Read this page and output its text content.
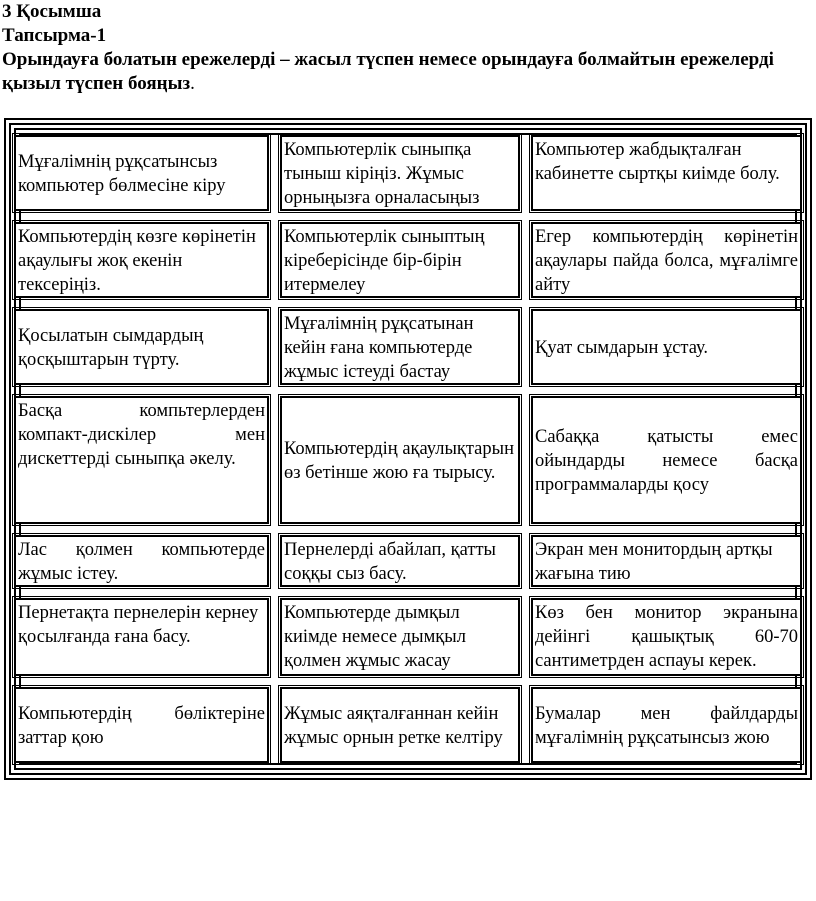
3 Қосымша
Тапсырма-1
Орындауға болатын ережелерді – жасыл түспен немесе орындауға болмайтын ережелерді қызыл түспен бояңыз.
Мұғалімнің рұқсатынсыз компьютер бөлмесіне кіру
Компьютерлік сыныпқа тыныш кіріңіз. Жұмыс орныңызға орналасыңыз
Компьютер жабдықталған кабинетте сыртқы киімде болу.
Компьютердің көзге көрінетін ақаулығы жоқ екенін тексеріңіз.
Компьютерлік сыныптың кіреберісінде бір-бірін итермелеу
Егер компьютердің көрінетін ақаулары пайда болса, мұғалімге айту
Қосылатын сымдардың қосқыштарын түрту.
Мұғалімнің рұқсатынан кейін ғана компьютерде жұмыс істеуді бастау
Қуат сымдарын ұстау.
Басқа компьтерлерден компакт-дискілер мен дискеттерді сыныпқа әкелу.
Компьютердің ақаулықтарын өз бетінше жою ға тырысу.
Сабаққа қатысты емес ойындарды немесе басқа программаларды қосу
Лас қолмен компьютерде жұмыс істеу.
Пернелерді абайлап, қатты соққы сыз басу.
Экран мен монитордың артқы жағына тию
Пернетақта пернелерін кернеу қосылғанда ғана басу.
Компьютерде дымқыл киімде немесе дымқыл қолмен жұмыс жасау
Көз бен монитор экранына дейінгі қашықтық 60-70 сантиметрден аспауы керек.
Компьютердің бөліктеріне заттар қою
Жұмыс аяқталғаннан кейін жұмыс орнын ретке келтіру
Бумалар мен файлдарды мұғалімнің рұқсатынсыз жою
